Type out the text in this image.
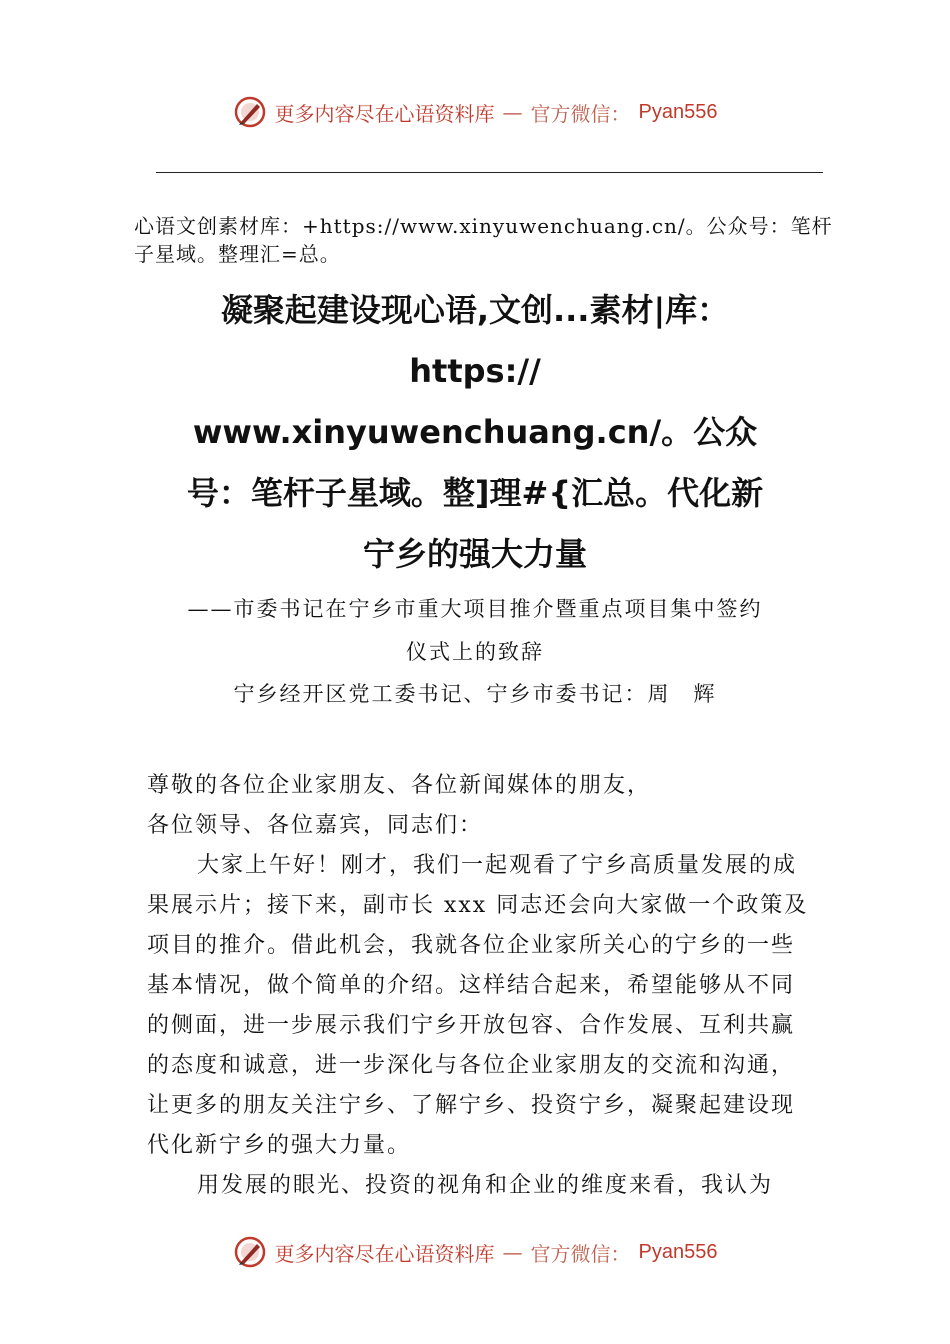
更多内容尽在心语资料库 — 官方微信： Pyan556
心语文创素材库：+https://www.xinyuwenchuang.cn/。公众号：笔杆子星域。整理汇=总。
凝聚起建设现心语,文创...素材|库：
https://
www.xinyuwenchuang.cn/。公众
号：笔杆子星域。整]理#{汇总。代化新
宁乡的强大力量
——市委书记在宁乡市重大项目推介暨重点项目集中签约
仪式上的致辞
宁乡经开区党工委书记、宁乡市委书记：周　辉

尊敬的各位企业家朋友、各位新闻媒体的朋友，

各位领导、各位嘉宾，同志们：

大家上午好！刚才，我们一起观看了宁乡高质量发展的成果展示片；接下来，副市长 xxx 同志还会向大家做一个政策及项目的推介。借此机会，我就各位企业家所关心的宁乡的一些基本情况，做个简单的介绍。这样结合起来，希望能够从不同的侧面，进一步展示我们宁乡开放包容、合作发展、互利共赢的态度和诚意，进一步深化与各位企业家朋友的交流和沟通，让更多的朋友关注宁乡、了解宁乡、投资宁乡，凝聚起建设现代化新宁乡的强大力量。

用发展的眼光、投资的视角和企业的维度来看，我认为

更多内容尽在心语资料库 — 官方微信： Pyan556
